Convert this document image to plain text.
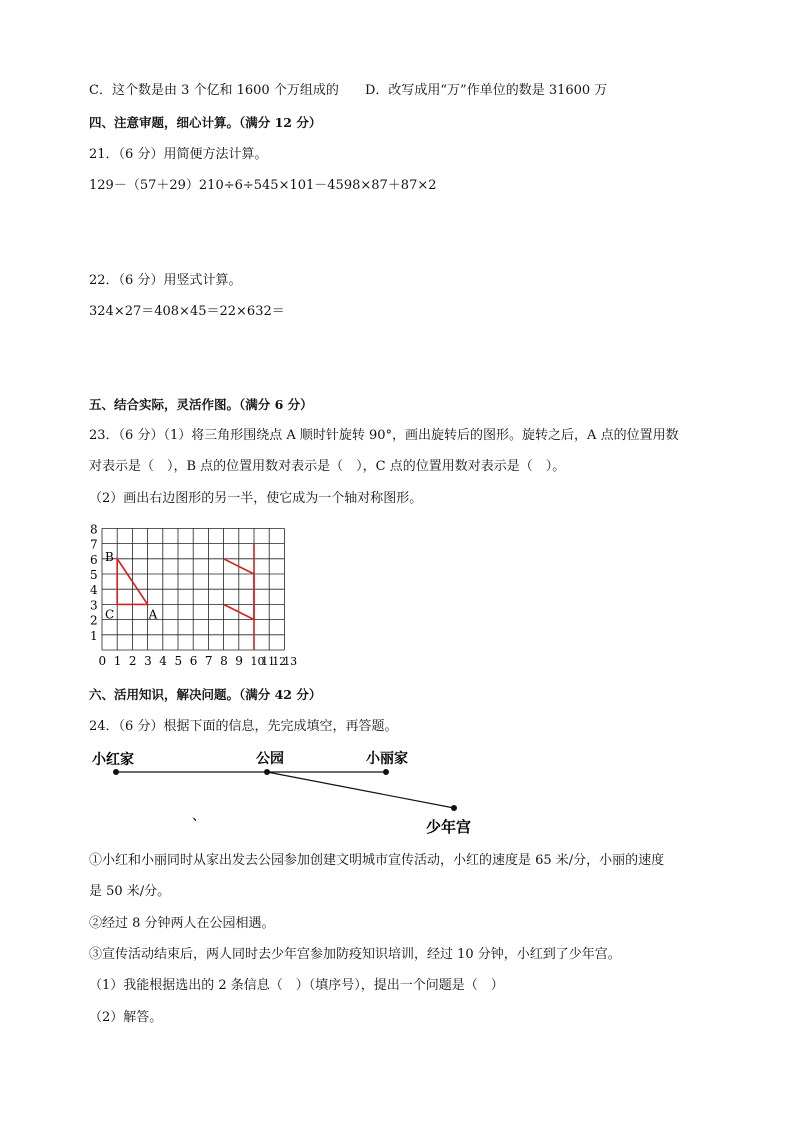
C．这个数是由 3 个亿和 1600 个万组成的 D．改写成用“万”作单位的数是 31600 万
四、注意审题，细心计算。（满分 12 分）
21．（6 分）用简便方法计算。
129－（57＋29）210÷6÷545×101－4598×87＋87×2
22．（6 分）用竖式计算。
324×27＝408×45＝22×632＝
五、结合实际，灵活作图。（满分 6 分）
23．（6 分）（1）将三角形围绕点 A 顺时针旋转 90°，画出旋转后的图形。旋转之后，A 点的位置用数
对表示是（　），B 点的位置用数对表示是（　），C 点的位置用数对表示是（　）。
（2）画出右边图形的另一半，使它成为一个轴对称图形。
1
2
3
4
5
6
7
8
0 1 2 3 4 5 6 7 8 9 10
11
12
13
B
C	A
六、活用知识，解决问题。（满分 42 分）
24．（6 分）根据下面的信息，先完成填空，再答题。
小红家	公园	小丽家
、
少年宫
①小红和小丽同时从家出发去公园参加创建文明城市宣传活动，小红的速度是 65 米/分，小丽的速度
是 50 米/分。
②经过 8 分钟两人在公园相遇。
③宣传活动结束后，两人同时去少年宫参加防疫知识培训，经过 10 分钟，小红到了少年宫。
（1）我能根据选出的 2 条信息（　）（填序号），提出一个问题是（　）
（2）解答。
